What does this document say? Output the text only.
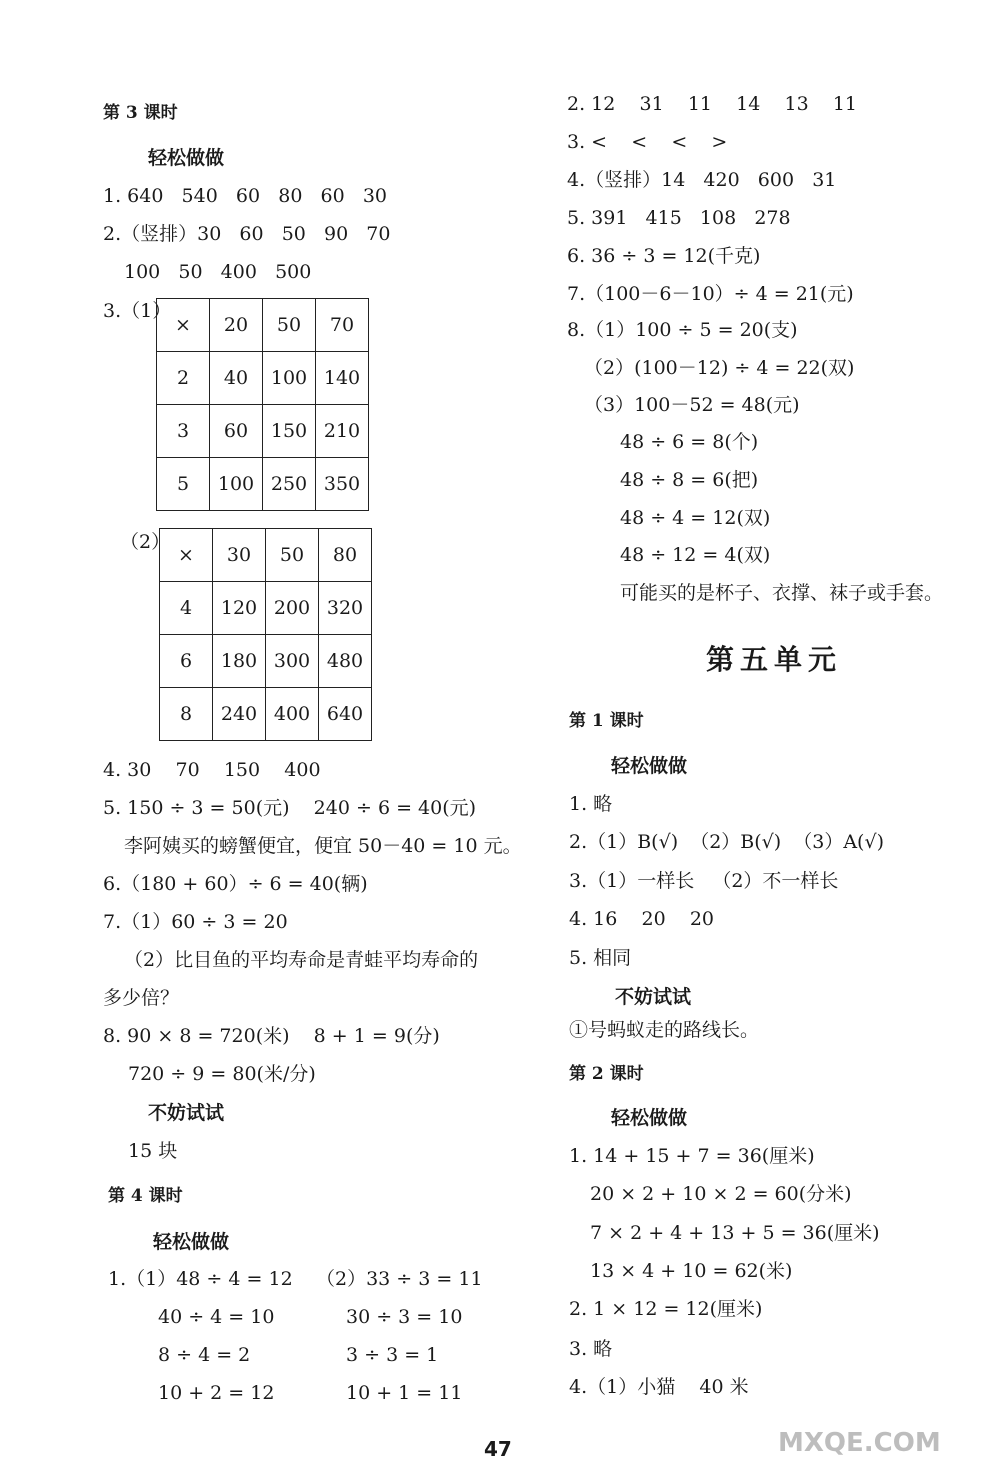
第 3 课时
轻松做做
1. 640   540   60   80   60   30
2.（竖排）30   60   50   90   70
100   50   400   500
3.（1）
×	20	50	70
2	40	100	140
3	60	150	210
5	100	250	350
（2）
×	30	50	80
4	120	200	320
6	180	300	480
8	240	400	640
4. 30    70    150    400
5. 150 ÷ 3 = 50(元)    240 ÷ 6 = 40(元)
李阿姨买的螃蟹便宜，便宜 50－40 = 10 元。
6.（180 + 60）÷ 6 = 40(辆)
7.（1）60 ÷ 3 = 20
（2）比目鱼的平均寿命是青蛙平均寿命的
多少倍？
8. 90 × 8 = 720(米)    8 + 1 = 9(分)
720 ÷ 9 = 80(米/分)
不妨试试
15 块
第 4 课时
轻松做做
1.（1）48 ÷ 4 = 12 （2）33 ÷ 3 = 11
40 ÷ 4 = 10	30 ÷ 3 = 10
8 ÷ 4 = 2	3 ÷ 3 = 1
10 + 2 = 12	10 + 1 = 11
2. 12    31    11    14    13    11
3. <    <    <    >
4.（竖排）14   420   600   31
5. 391   415   108   278
6. 36 ÷ 3 = 12(千克)
7.（100－6－10）÷ 4 = 21(元)
8.（1）100 ÷ 5 = 20(支)
（2）(100－12) ÷ 4 = 22(双)
（3）100－52 = 48(元)
48 ÷ 6 = 8(个)
48 ÷ 8 = 6(把)
48 ÷ 4 = 12(双)
48 ÷ 12 = 4(双)
可能买的是杯子、衣撑、袜子或手套。
第五单元
第 1 课时
轻松做做
1. 略
2.（1）B(√)  （2）B(√)  （3）A(√)
3.（1）一样长   （2）不一样长
4. 16    20    20
5. 相同
不妨试试
①号蚂蚁走的路线长。
第 2 课时
轻松做做
1. 14 + 15 + 7 = 36(厘米)
20 × 2 + 10 × 2 = 60(分米)
7 × 2 + 4 + 13 + 5 = 36(厘米)
13 × 4 + 10 = 62(米)
2. 1 × 12 = 12(厘米)
3. 略
4.（1）小猫    40 米
47	MXQE.COM
